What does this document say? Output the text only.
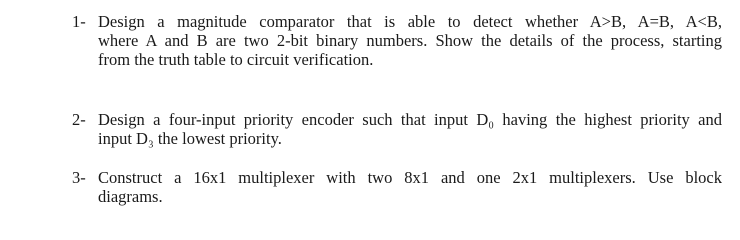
1- Design a magnitude comparator that is able to detect whether A>B, A=B, A<B,
where A and B are two 2-bit binary numbers. Show the details of the process, starting
from the truth table to circuit verification.
2- Design a four-input priority encoder such that input D₀ having the highest priority and
input D₃ the lowest priority.
3- Construct a 16x1 multiplexer with two 8x1 and one 2x1 multiplexers. Use block
diagrams.
